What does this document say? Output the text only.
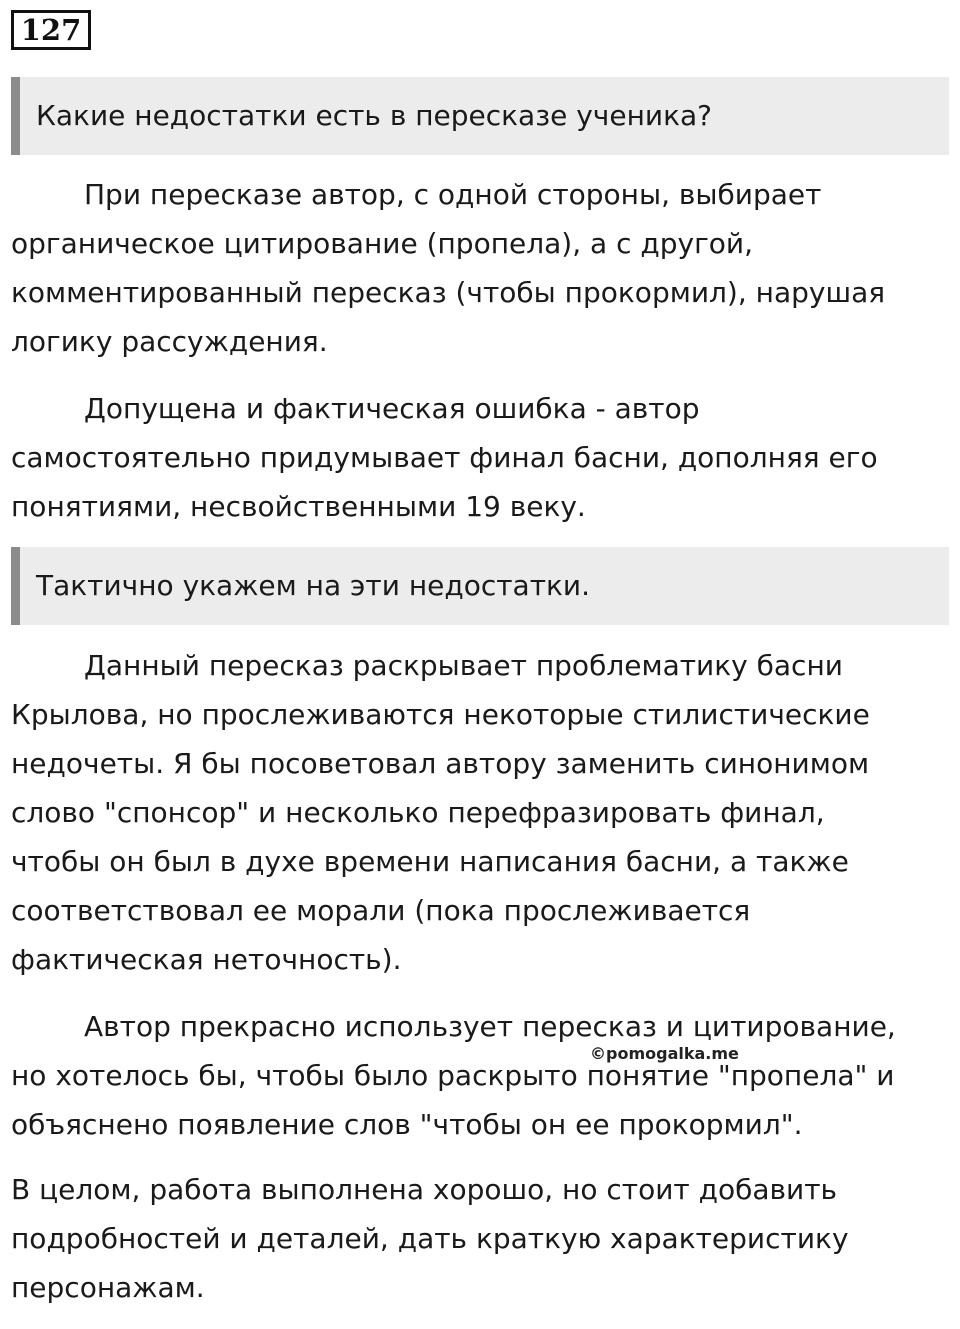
127
Какие недостатки есть в пересказе ученика?

При пересказе автор, с одной стороны, выбирает
органическое цитирование (пропела), а с другой,
комментированный пересказ (чтобы прокормил), нарушая
логику рассуждения.

Допущена и фактическая ошибка - автор
самостоятельно придумывает финал басни, дополняя его
понятиями, несвойственными 19 веку.

Тактично укажем на эти недостатки.

Данный пересказ раскрывает проблематику басни
Крылова, но прослеживаются некоторые стилистические
недочеты. Я бы посоветовал автору заменить синонимом
слово "спонсор" и несколько перефразировать финал,
чтобы он был в духе времени написания басни, а также
соответствовал ее морали (пока прослеживается
фактическая неточность).

Автор прекрасно использует пересказ и цитирование,
но хотелось бы, чтобы было раскрыто понятие "пропела" и
объяснено появление слов "чтобы он ее прокормил".

©pomogalka.me

В целом, работа выполнена хорошо, но стоит добавить
подробностей и деталей, дать краткую характеристику
персонажам.
